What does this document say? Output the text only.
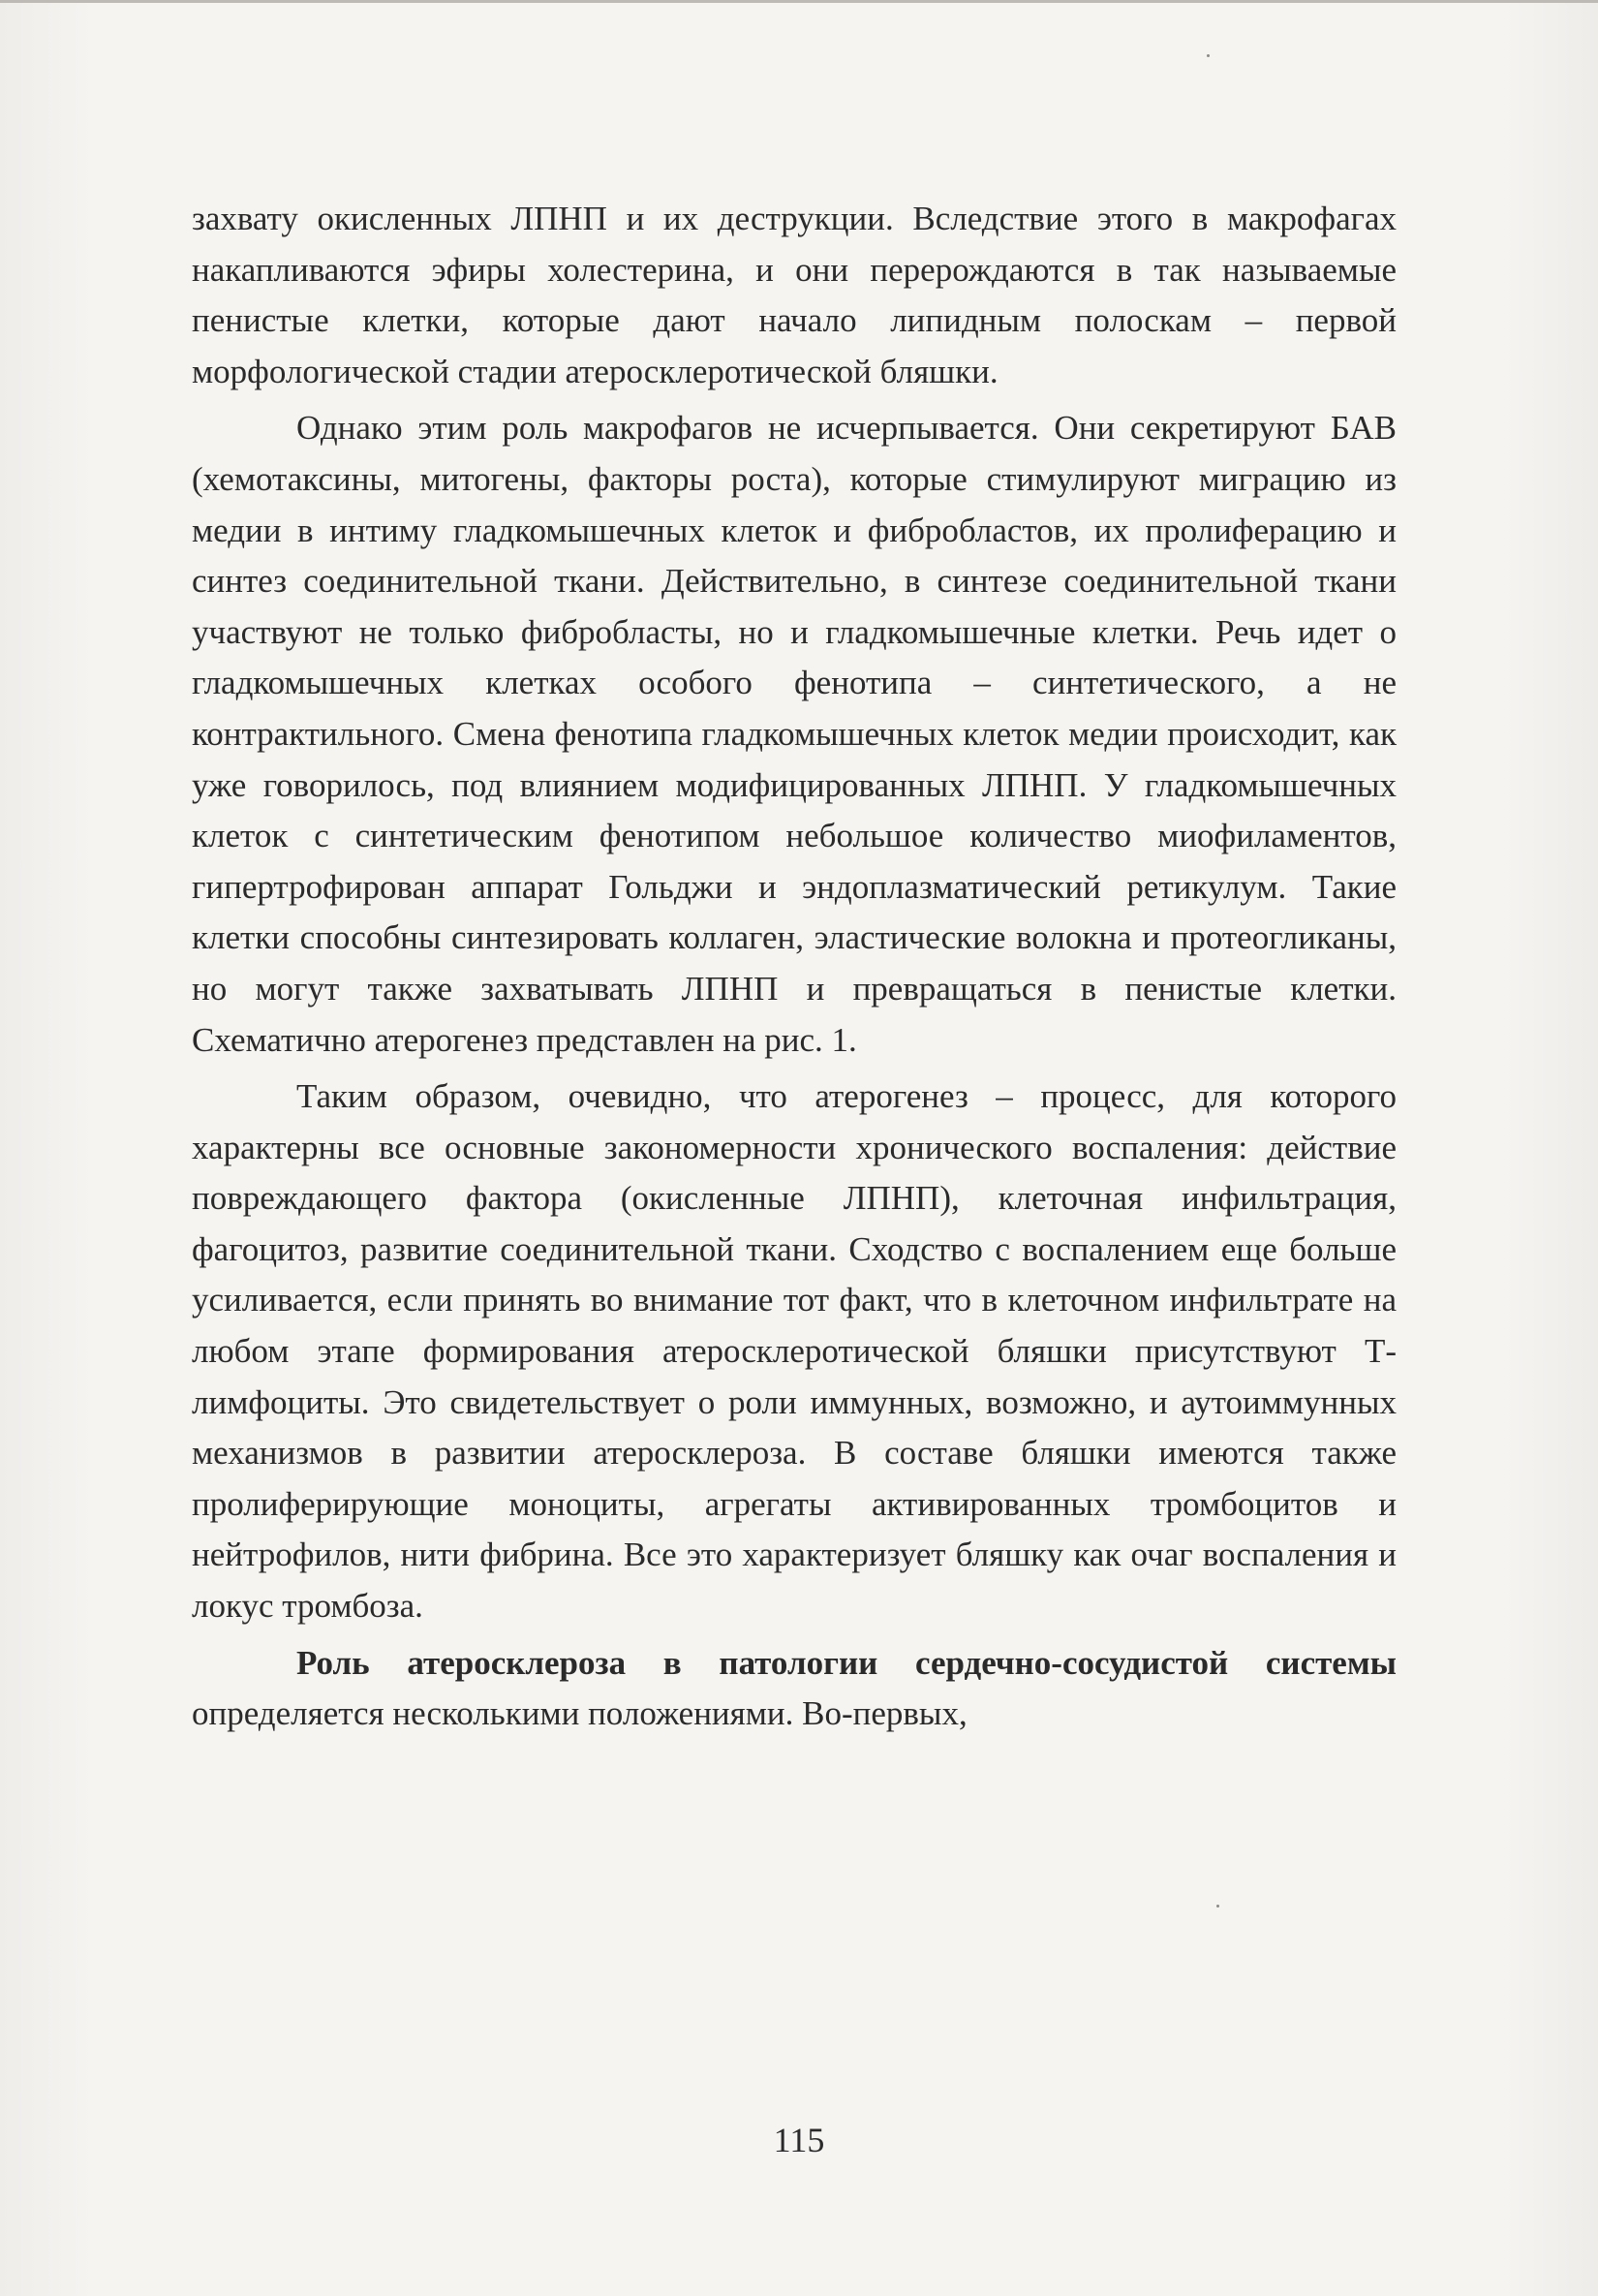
захвату окисленных ЛПНП и их деструкции. Вследствие этого в макрофагах накапливаются эфиры холестерина, и они перерождаются в так называемые пенистые клетки, которые дают начало липидным полоскам – первой морфологической стадии атеросклеротической бляшки.

Однако этим роль макрофагов не исчерпывается. Они секретируют БАВ (хемотаксины, митогены, факторы роста), которые стимулируют миграцию из медии в интиму гладкомышечных клеток и фибробластов, их пролиферацию и синтез соединительной ткани. Действительно, в синтезе соединительной ткани участвуют не только фибробласты, но и гладкомышечные клетки. Речь идет о гладкомышечных клетках особого фенотипа – синтетического, а не контрактильного. Смена фенотипа гладкомышечных клеток медии происходит, как уже говорилось, под влиянием модифицированных ЛПНП. У гладкомышечных клеток с синтетическим фенотипом небольшое количество миофиламентов, гипертрофирован аппарат Гольджи и эндоплазматический ретикулум. Такие клетки способны синтезировать коллаген, эластические волокна и протеогликаны, но могут также захватывать ЛПНП и превращаться в пенистые клетки. Схематично атерогенез представлен на рис. 1.

Таким образом, очевидно, что атерогенез – процесс, для которого характерны все основные закономерности хронического воспаления: действие повреждающего фактора (окисленные ЛПНП), клеточная инфильтрация, фагоцитоз, развитие соединительной ткани. Сходство с воспалением еще больше усиливается, если принять во внимание тот факт, что в клеточном инфильтрате на любом этапе формирования атеросклеротической бляшки присутствуют Т-лимфоциты. Это свидетельствует о роли иммунных, возможно, и аутоиммунных механизмов в развитии атеросклероза. В составе бляшки имеются также пролиферирующие моноциты, агрегаты активированных тромбоцитов и нейтрофилов, нити фибрина. Все это характеризует бляшку как очаг воспаления и локус тромбоза.

Роль атеросклероза в патологии сердечно-сосудистой системы определяется несколькими положениями. Во-первых,

115
